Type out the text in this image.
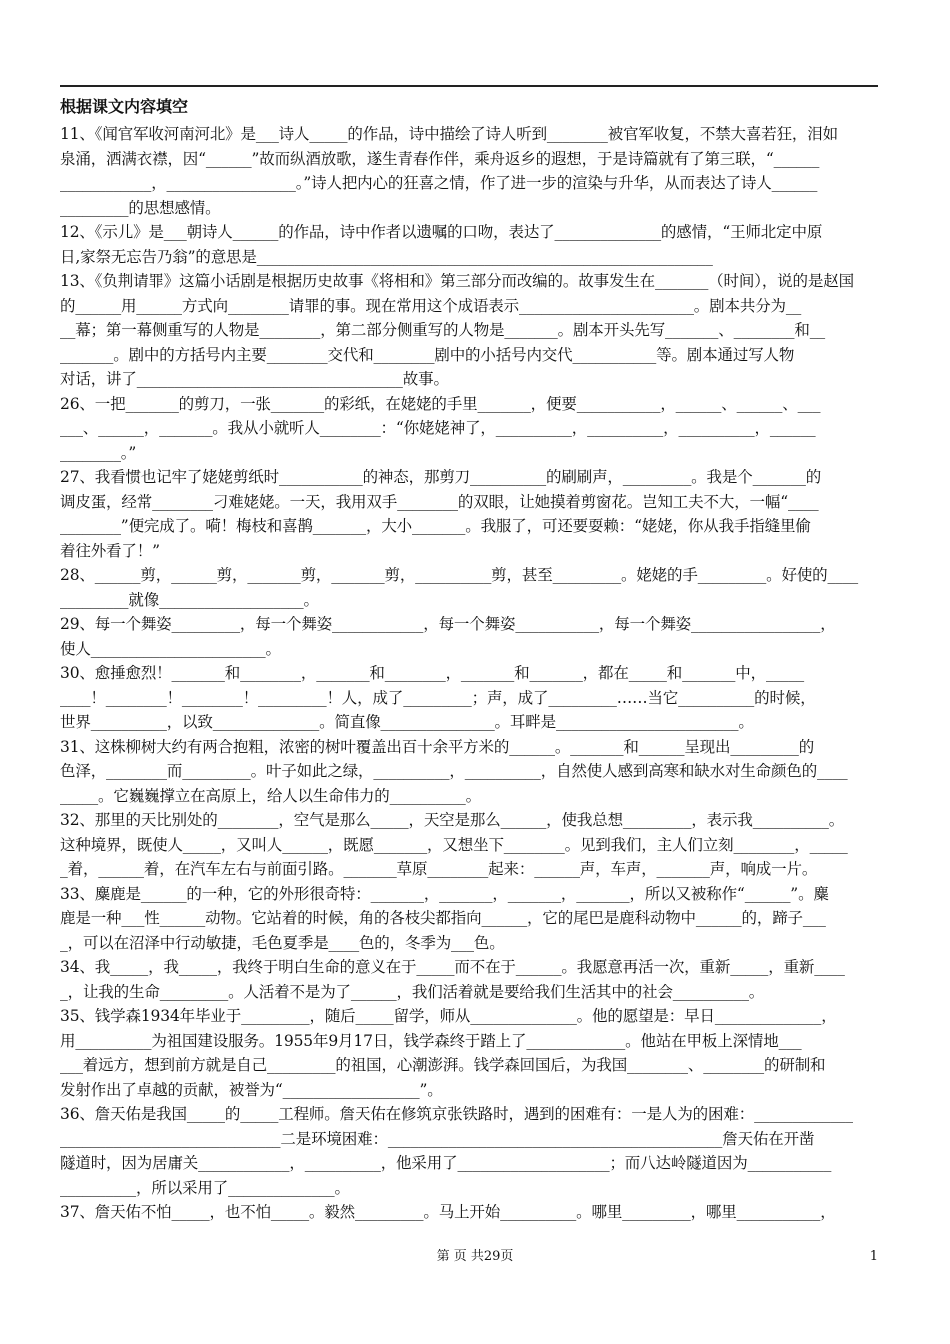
根据课文内容填空
11、《闻官军收河南河北》是___诗人_____的作品，诗中描绘了诗人听到________被官军收复，不禁大喜若狂，泪如
泉涌，洒满衣襟，因“______”故而纵酒放歌，遂生青春作伴，乘舟返乡的遐想，于是诗篇就有了第三联，“______
____________，_________________。”诗人把内心的狂喜之情，作了进一步的渲染与升华，从而表达了诗人______
_________的思想感情。
12、《示儿》是___朝诗人______的作品，诗中作者以遗嘱的口吻，表达了______________的感情，“王师北定中原
日,家祭无忘告乃翁”的意思是____________________________________________________________
13、《负荆请罪》这篇小话剧是根据历史故事《将相和》第三部分而改编的。故事发生在_______（时间），说的是赵国
的______用______方式向________请罪的事。现在常用这个成语表示_______________________。剧本共分为__
__幕；第一幕侧重写的人物是________，第二部分侧重写的人物是_______。剧本开头先写_______、________和__
_______。剧中的方括号内主要________交代和________剧中的小括号内交代___________等。剧本通过写人物
对话，讲了___________________________________故事。
26、一把_______的剪刀，一张_______的彩纸，在姥姥的手里_______，便要___________，______、______、___
___、______，_______。我从小就听人________：“你姥姥神了，__________，__________，__________，______
________。”
27、我看惯也记牢了姥姥剪纸时___________的神态，那剪刀__________的刷刷声，_________。我是个_______的
调皮蛋，经常________刁难姥姥。一天，我用双手________的双眼，让她摸着剪窗花。岂知工夫不大，一幅“____
________”便完成了。嗬！梅枝和喜鹊_______，大小_______。我服了，可还要耍赖：“姥姥，你从我手指缝里偷
着往外看了！”
28、______剪，______剪，_______剪，_______剪，__________剪，甚至_________。姥姥的手_________。好使的____
_________就像___________________。
29、每一个舞姿_________，每一个舞姿____________，每一个舞姿___________，每一个舞姿_________________，
使人_______________________。
30、愈捶愈烈！_______和________，_______和________，_______和_______，都在_____和_______中，_____
____！________！________！_________！人，成了_________；声，成了_________……当它__________的时候，
世界__________，以致______________。简直像_______________。耳畔是________________________。
31、这株柳树大约有两合抱粗，浓密的树叶覆盖出百十余平方米的______。_______和______呈现出_________的
色泽，________而_________。叶子如此之绿，__________，__________，自然使人感到高寒和缺水对生命颜色的____
_____。它巍巍撑立在高原上，给人以生命伟力的__________。
32、那里的天比别处的________，空气是那么_____，天空是那么______，使我总想_________，表示我__________。
这种境界，既使人_____，又叫人______，既愿_______，又想坐下________。见到我们，主人们立刻________，_____
_着，______着，在汽车左右与前面引路。_______草原________起来：______声，车声，_______声，响成一片。
33、麋鹿是______的一种，它的外形很奇特：_______，_______，_______，_______，所以又被称作“______”。麋
鹿是一种___性______动物。它站着的时候，角的各枝尖都指向______，它的尾巴是鹿科动物中______的，蹄子___
_，可以在沼泽中行动敏捷，毛色夏季是____色的，冬季为___色。
34、我_____，我_____，我终于明白生命的意义在于_____而不在于______。我愿意再活一次，重新_____，重新____
_，让我的生命_________。人活着不是为了______，我们活着就是要给我们生活其中的社会__________。
35、钱学森1934年毕业于_________，随后_____留学，师从______________。他的愿望是：早日______________，
用__________为祖国建设服务。1955年9月17日，钱学森终于踏上了_____________。他站在甲板上深情地___
___着远方，想到前方就是自己_________的祖国，心潮澎湃。钱学森回国后，为我国________、________的研制和
发射作出了卓越的贡献，被誉为“__________________”。
36、詹天佑是我国_____的_____工程师。詹天佑在修筑京张铁路时，遇到的困难有：一是人为的困难：_____________
_____________________________二是环境困难：____________________________________________詹天佑在开凿
隧道时，因为居庸关____________，__________，他采用了____________________；而八达岭隧道因为___________
__________，所以采用了______________。
37、詹天佑不怕_____，也不怕_____。毅然_________。马上开始__________。哪里_________，哪里___________，
第 页 共29页	1
